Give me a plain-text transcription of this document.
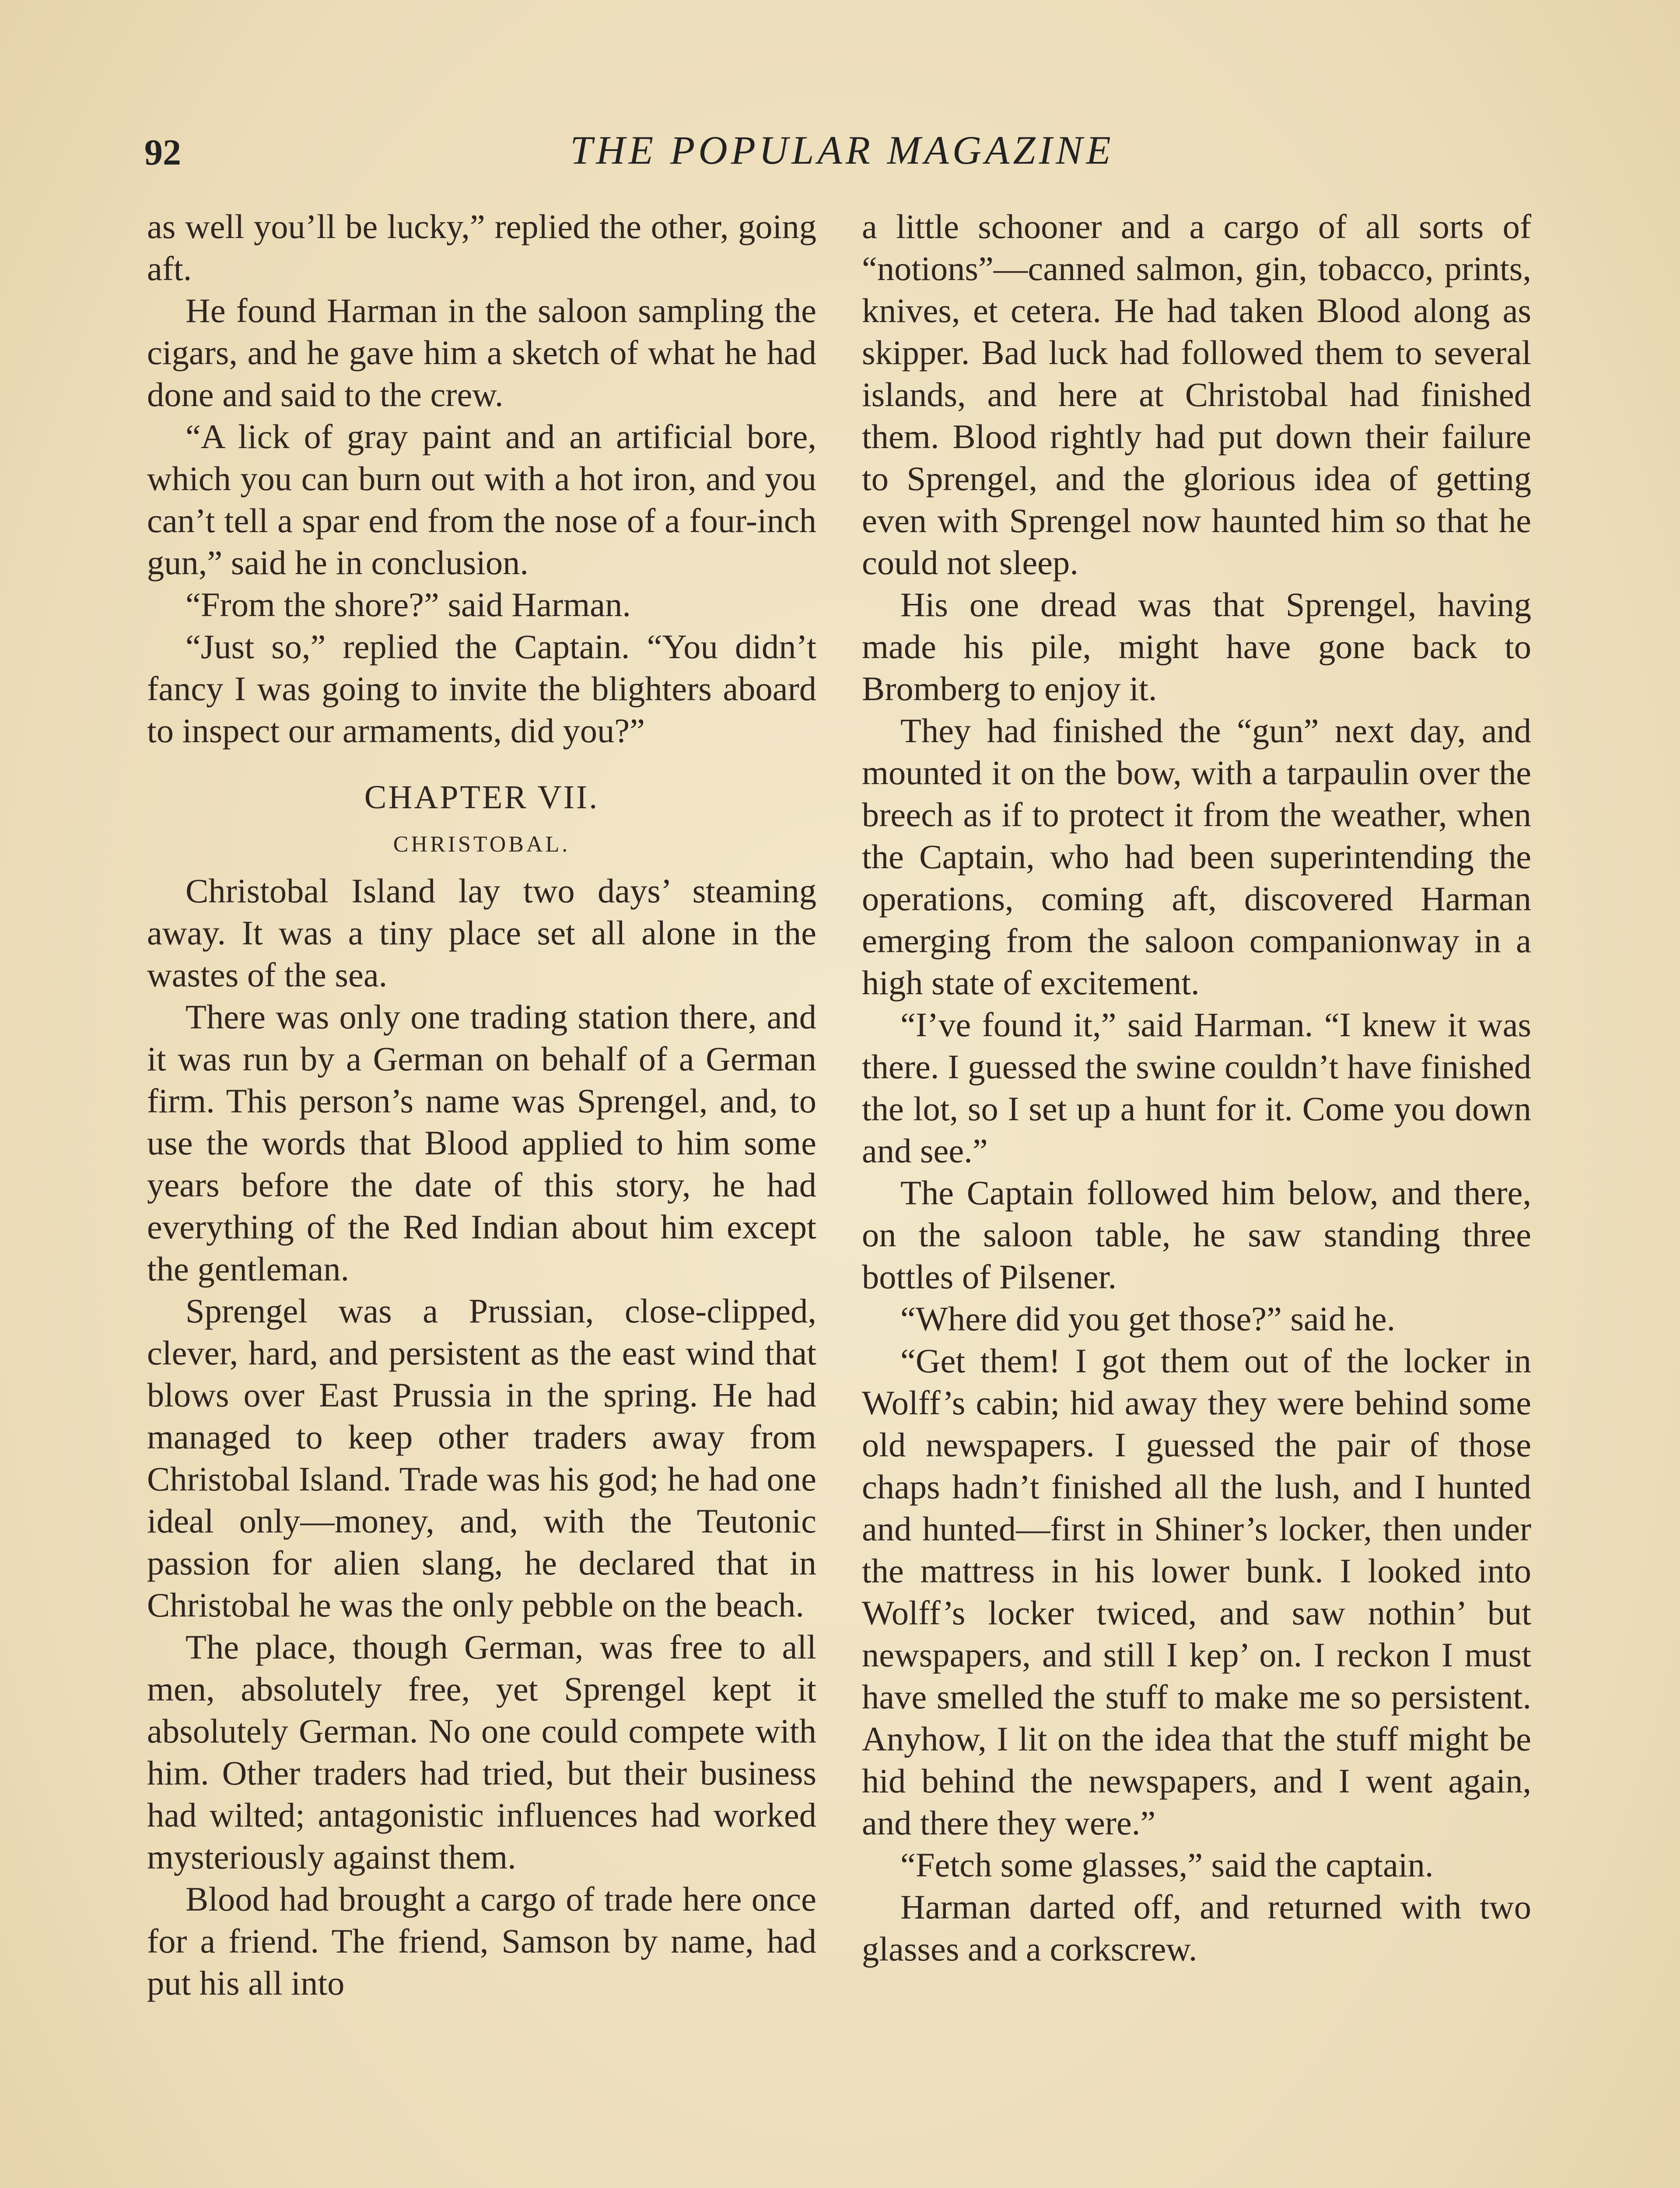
92	THE POPULAR MAGAZINE

as well you’ll be lucky,” replied the other, going aft.

He found Harman in the saloon sampling the cigars, and he gave him a sketch of what he had done and said to the crew.

“A lick of gray paint and an artificial bore, which you can burn out with a hot iron, and you can’t tell a spar end from the nose of a four-inch gun,” said he in conclusion.

“From the shore?” said Harman.

“Just so,” replied the Captain. “You didn’t fancy I was going to invite the blighters aboard to inspect our armaments, did you?”

CHAPTER VII.
CHRISTOBAL.

Christobal Island lay two days’ steaming away. It was a tiny place set all alone in the wastes of the sea.

There was only one trading station there, and it was run by a German on behalf of a German firm. This person’s name was Sprengel, and, to use the words that Blood applied to him some years before the date of this story, he had everything of the Red Indian about him except the gentleman.

Sprengel was a Prussian, close-clipped, clever, hard, and persistent as the east wind that blows over East Prussia in the spring. He had managed to keep other traders away from Christobal Island. Trade was his god; he had one ideal only—money, and, with the Teutonic passion for alien slang, he declared that in Christobal he was the only pebble on the beach.

The place, though German, was free to all men, absolutely free, yet Sprengel kept it absolutely German. No one could compete with him. Other traders had tried, but their business had wilted; antagonistic influences had worked mysteriously against them.

Blood had brought a cargo of trade here once for a friend. The friend, Samson by name, had put his all into

a little schooner and a cargo of all sorts of “notions”—canned salmon, gin, tobacco, prints, knives, et cetera. He had taken Blood along as skipper. Bad luck had followed them to several islands, and here at Christobal had finished them. Blood rightly had put down their failure to Sprengel, and the glorious idea of getting even with Sprengel now haunted him so that he could not sleep.

His one dread was that Sprengel, having made his pile, might have gone back to Bromberg to enjoy it.

They had finished the “gun” next day, and mounted it on the bow, with a tarpaulin over the breech as if to protect it from the weather, when the Captain, who had been superintending the operations, coming aft, discovered Harman emerging from the saloon companionway in a high state of excitement.

“I’ve found it,” said Harman. “I knew it was there. I guessed the swine couldn’t have finished the lot, so I set up a hunt for it. Come you down and see.”

The Captain followed him below, and there, on the saloon table, he saw standing three bottles of Pilsener.

“Where did you get those?” said he.

“Get them! I got them out of the locker in Wolff’s cabin; hid away they were behind some old newspapers. I guessed the pair of those chaps hadn’t finished all the lush, and I hunted and hunted—first in Shiner’s locker, then under the mattress in his lower bunk. I looked into Wolff’s locker twiced, and saw nothin’ but newspapers, and still I kep’ on. I reckon I must have smelled the stuff to make me so persistent. Anyhow, I lit on the idea that the stuff might be hid behind the newspapers, and I went again, and there they were.”

“Fetch some glasses,” said the captain.

Harman darted off, and returned with two glasses and a corkscrew.
